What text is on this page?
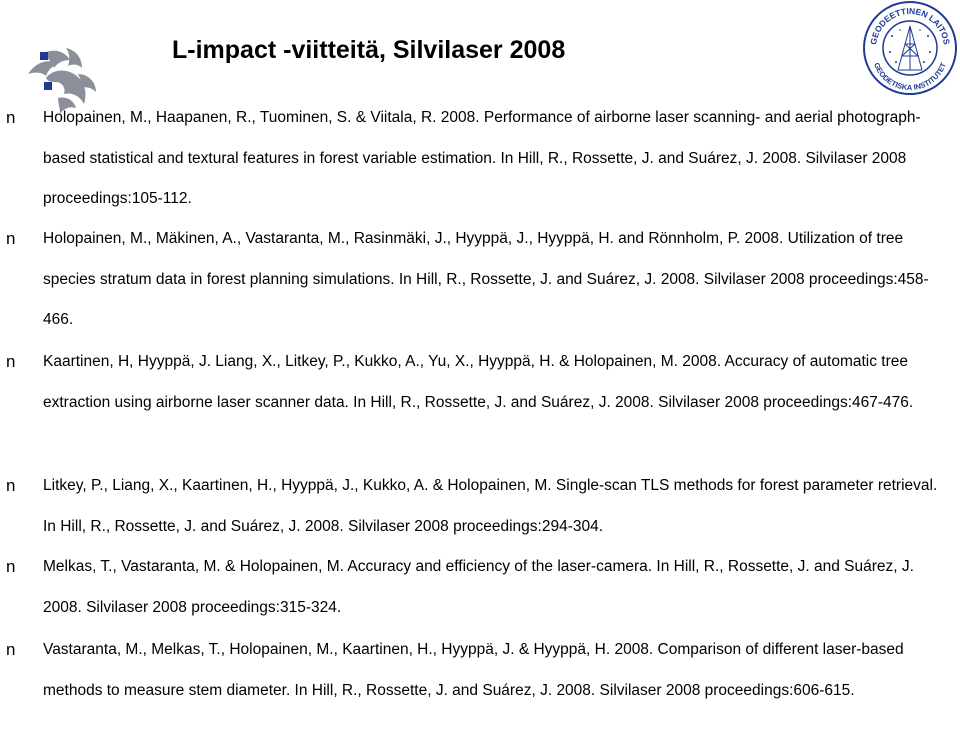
L-impact -viitteitä, Silvilaser 2008	GEODEETTINEN LAITOS
GEODETISKA INSTITUTET
n Holopainen, M., Haapanen, R., Tuominen, S. & Viitala, R. 2008. Performance of airborne laser scanning- and aerial photograph-based statistical and textural features in forest variable estimation. In Hill, R., Rossette, J. and Suárez, J. 2008. Silvilaser 2008 proceedings:105-112.
n Holopainen, M., Mäkinen, A., Vastaranta, M., Rasinmäki, J., Hyyppä, J., Hyyppä, H. and Rönnholm, P. 2008. Utilization of tree species stratum data in forest planning simulations. In Hill, R., Rossette, J. and Suárez, J. 2008. Silvilaser 2008 proceedings:458-466.
n Kaartinen, H, Hyyppä, J. Liang, X., Litkey, P., Kukko, A., Yu, X., Hyyppä, H. & Holopainen, M. 2008. Accuracy of automatic tree extraction using airborne laser scanner data. In Hill, R., Rossette, J. and Suárez, J. 2008. Silvilaser 2008 proceedings:467-476.
n Litkey, P., Liang, X., Kaartinen, H., Hyyppä, J., Kukko, A. & Holopainen, M. Single-scan TLS methods for forest parameter retrieval. In Hill, R., Rossette, J. and Suárez, J. 2008. Silvilaser 2008 proceedings:294-304.
n Melkas, T., Vastaranta, M. & Holopainen, M. Accuracy and efficiency of the laser-camera. In Hill, R., Rossette, J. and Suárez, J. 2008. Silvilaser 2008 proceedings:315-324.
n Vastaranta, M., Melkas, T., Holopainen, M., Kaartinen, H., Hyyppä, J. & Hyyppä, H. 2008. Comparison of different laser-based methods to measure stem diameter. In Hill, R., Rossette, J. and Suárez, J. 2008. Silvilaser 2008 proceedings:606-615.
